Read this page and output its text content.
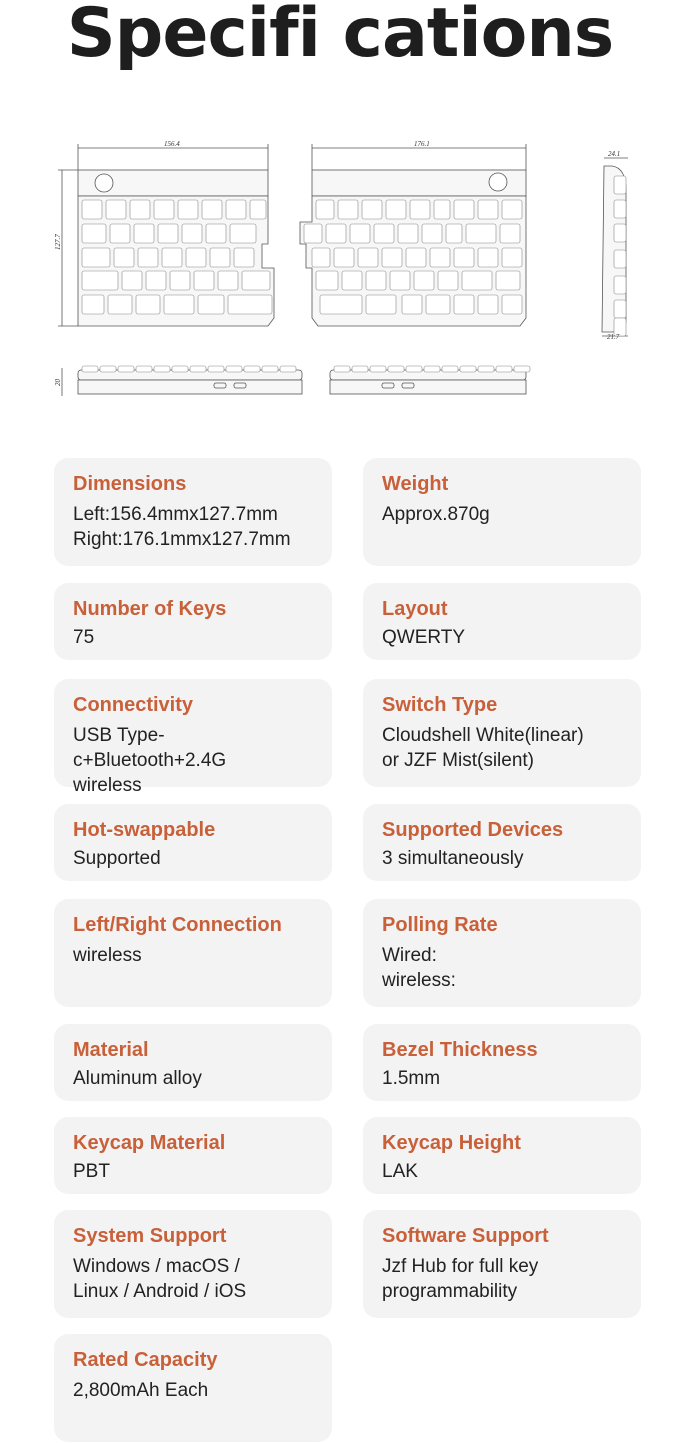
Specifi cations
156.4	176.1
127.7
24.1
21.7
20
Dimensions
Left:156.4mmx127.7mm
Right:176.1mmx127.7mm
Weight
Approx.870g
Number of Keys
75
Layout
QWERTY
Connectivity
USB Type-c+Bluetooth+2.4G
wireless
Switch Type
Cloudshell White(linear)
or JZF Mist(silent)
Hot-swappable
Supported
Supported Devices
3 simultaneously
Left/Right Connection
wireless
Polling Rate
Wired:
wireless:
Material
Aluminum alloy
Bezel Thickness
1.5mm
Keycap Material
PBT
Keycap Height
LAK
System Support
Windows / macOS /
Linux / Android / iOS
Software Support
Jzf Hub for full key
programmability
Rated Capacity
2,800mAh Each
